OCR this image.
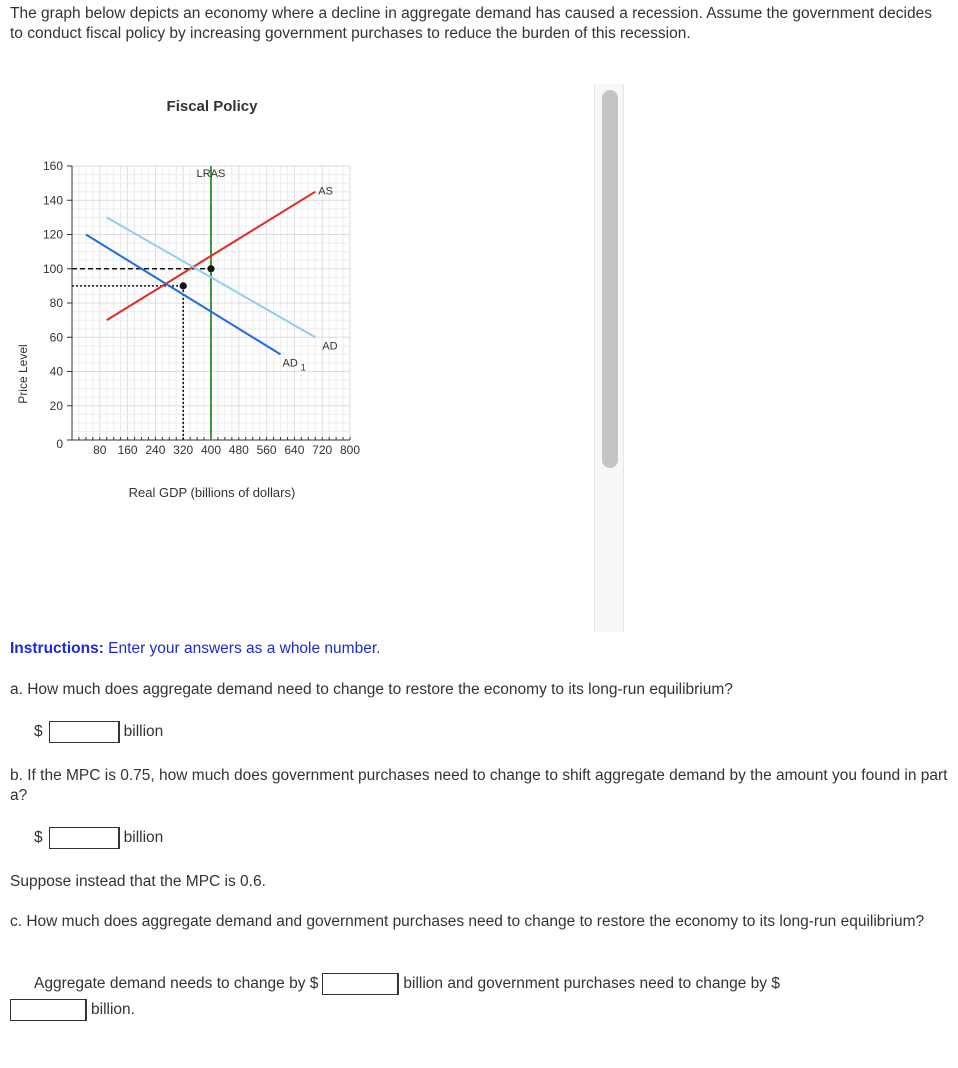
The graph below depicts an economy where a decline in aggregate demand has caused a recession. Assume the government decides to conduct fiscal policy by increasing government purchases to reduce the burden of this recession.
Fiscal Policy
Price Level
Real GDP (billions of dollars)
0
20
40
60
80
100
120
140
160
80 160 240 320 400 480 560 640 720 800
LRAS
AS
AD
AD $_1$
Instructions: Enter your answers as a whole number.
a. How much does aggregate demand need to change to restore the economy to its long-run equilibrium?
$	billion
b. If the MPC is 0.75, how much does government purchases need to change to shift aggregate demand by the amount you found in part a?
$	billion
Suppose instead that the MPC is 0.6.
c. How much does aggregate demand and government purchases need to change to restore the economy to its long-run equilibrium?
Aggregate demand needs to change by $	billion and government purchases need to change by $
billion.
